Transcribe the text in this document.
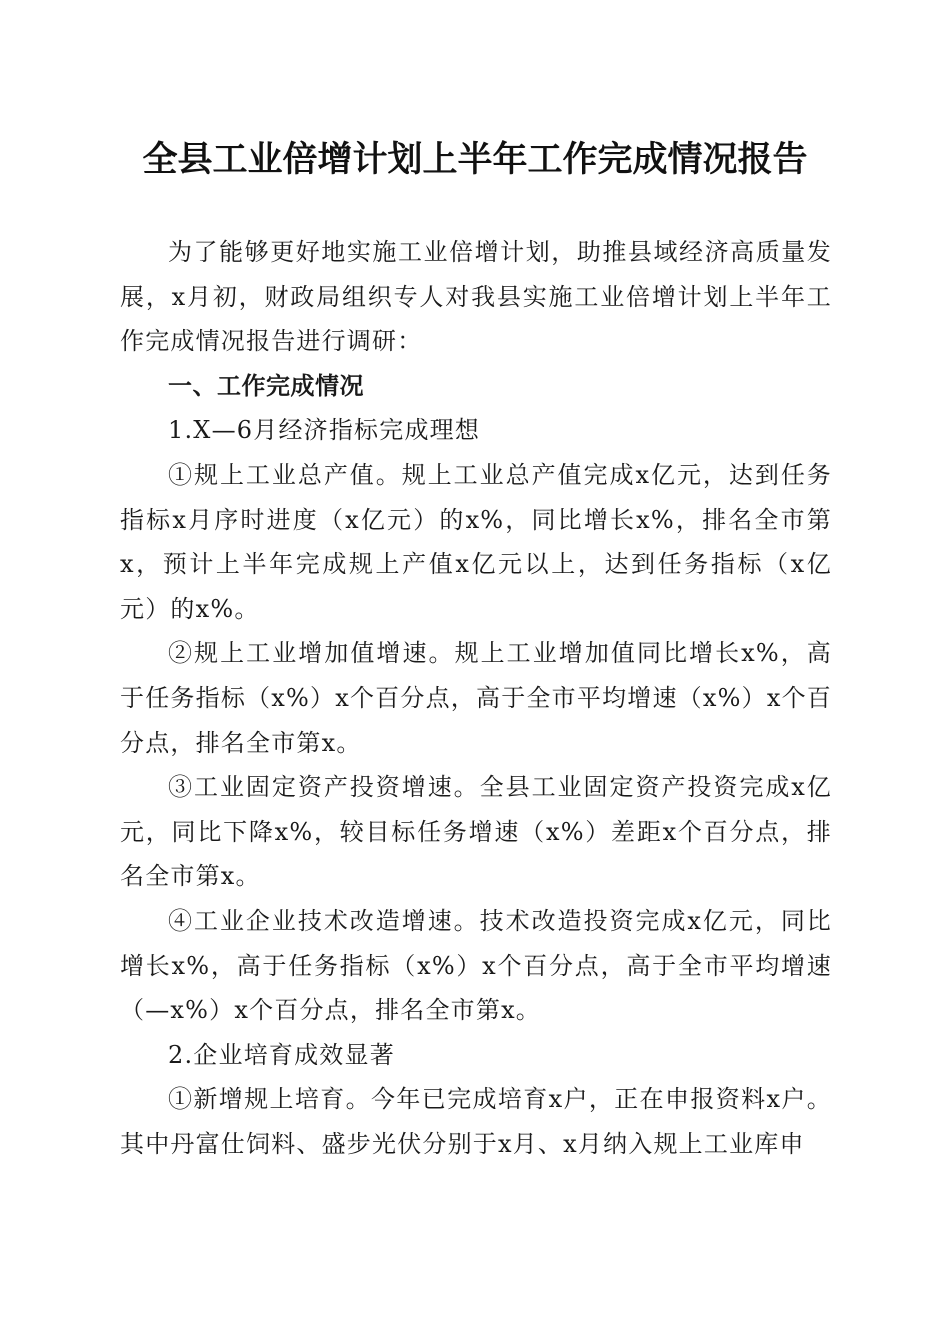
全县工业倍增计划上半年工作完成情况报告

为了能够更好地实施工业倍增计划，助推县域经济高质量发展，x月初，财政局组织专人对我县实施工业倍增计划上半年工作完成情况报告进行调研：

一、工作完成情况

1.X—6月经济指标完成理想

①规上工业总产值。规上工业总产值完成x亿元，达到任务指标x月序时进度（x亿元）的x%，同比增长x%，排名全市第x，预计上半年完成规上产值x亿元以上，达到任务指标（x亿元）的x%。

②规上工业增加值增速。规上工业增加值同比增长x%，高于任务指标（x%）x个百分点，高于全市平均增速（x%）x个百分点，排名全市第x。

③工业固定资产投资增速。全县工业固定资产投资完成x亿元，同比下降x%，较目标任务增速（x%）差距x个百分点，排名全市第x。

④工业企业技术改造增速。技术改造投资完成x亿元，同比增长x%，高于任务指标（x%）x个百分点，高于全市平均增速（—x%）x个百分点，排名全市第x。

2.企业培育成效显著

①新增规上培育。今年已完成培育x户，正在申报资料x户。其中丹富仕饲料、盛步光伏分别于x月、x月纳入规上工业库申
